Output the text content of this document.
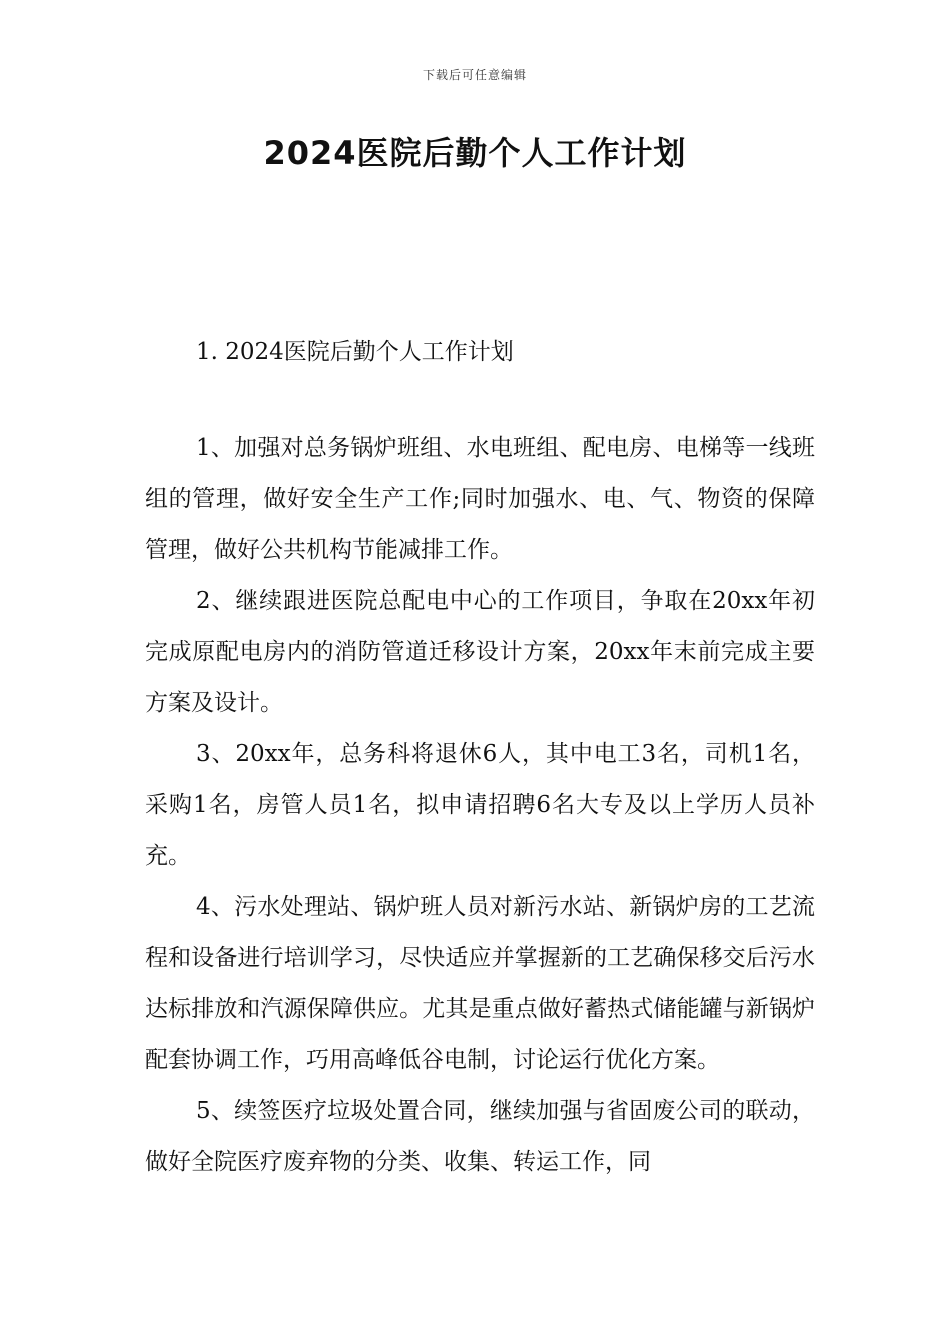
下载后可任意编辑
2024医院后勤个人工作计划
1. 2024医院后勤个人工作计划

1、加强对总务锅炉班组、水电班组、配电房、电梯等一线班组的管理，做好安全生产工作;同时加强水、电、气、物资的保障管理，做好公共机构节能减排工作。

2、继续跟进医院总配电中心的工作项目，争取在20xx年初完成原配电房内的消防管道迁移设计方案，20xx年末前完成主要方案及设计。

3、20xx年，总务科将退休6人，其中电工3名，司机1名，采购1名，房管人员1名，拟申请招聘6名大专及以上学历人员补充。

4、污水处理站、锅炉班人员对新污水站、新锅炉房的工艺流程和设备进行培训学习，尽快适应并掌握新的工艺确保移交后污水达标排放和汽源保障供应。尤其是重点做好蓄热式储能罐与新锅炉配套协调工作，巧用高峰低谷电制，讨论运行优化方案。

5、续签医疗垃圾处置合同，继续加强与省固废公司的联动，做好全院医疗废弃物的分类、收集、转运工作，同
